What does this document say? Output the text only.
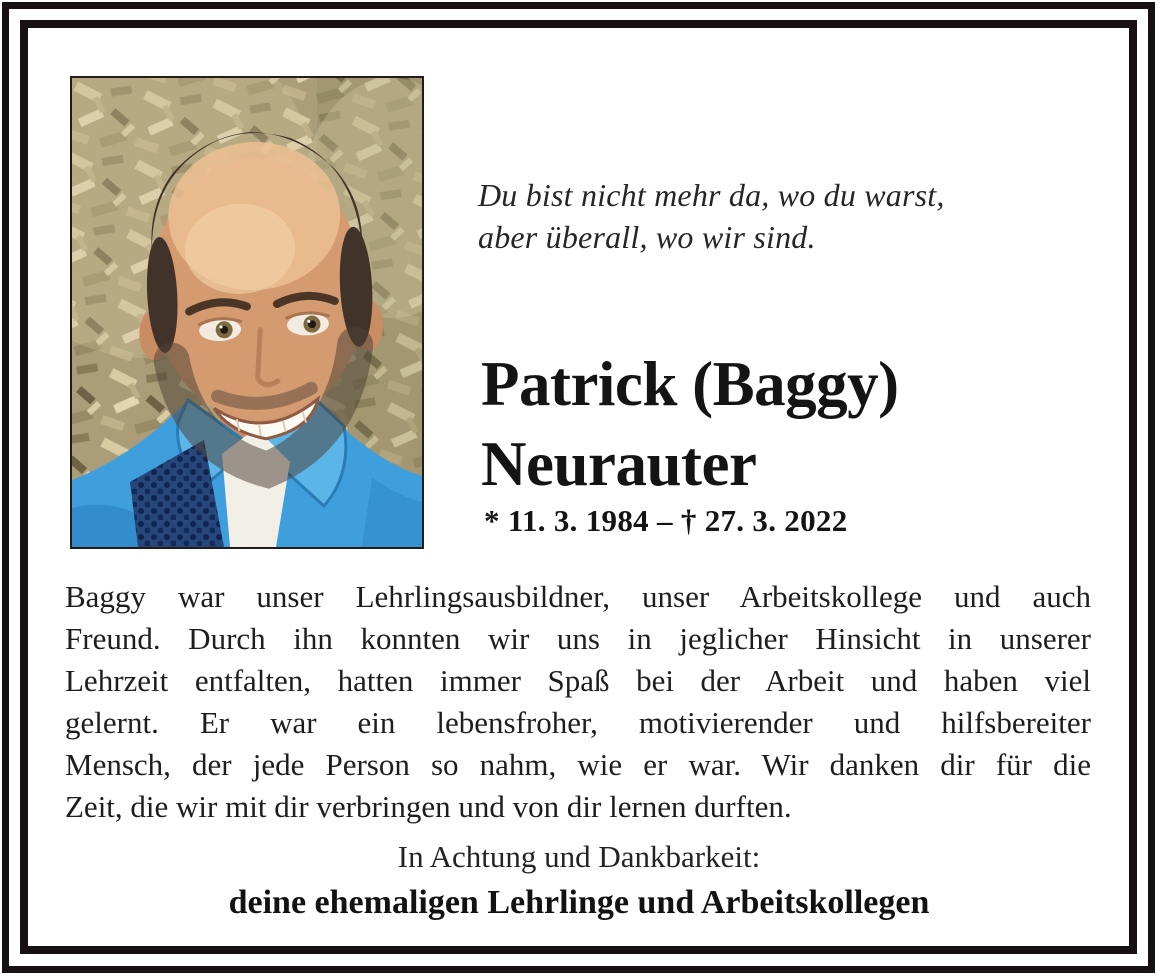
Du bist nicht mehr da, wo du warst,
aber überall, wo wir sind.
Patrick (Baggy)
Neurauter
* 11. 3. 1984 – † 27. 3. 2022
Baggy war unser Lehrlingsausbildner, unser Arbeitskollege und auch
Freund. Durch ihn konnten wir uns in jeglicher Hinsicht in unserer
Lehrzeit entfalten, hatten immer Spaß bei der Arbeit und haben viel
gelernt. Er war ein lebensfroher, motivierender und hilfsbereiter
Mensch, der jede Person so nahm, wie er war. Wir danken dir für die
Zeit, die wir mit dir verbringen und von dir lernen durften.
In Achtung und Dankbarkeit:
deine ehemaligen Lehrlinge und Arbeitskollegen
